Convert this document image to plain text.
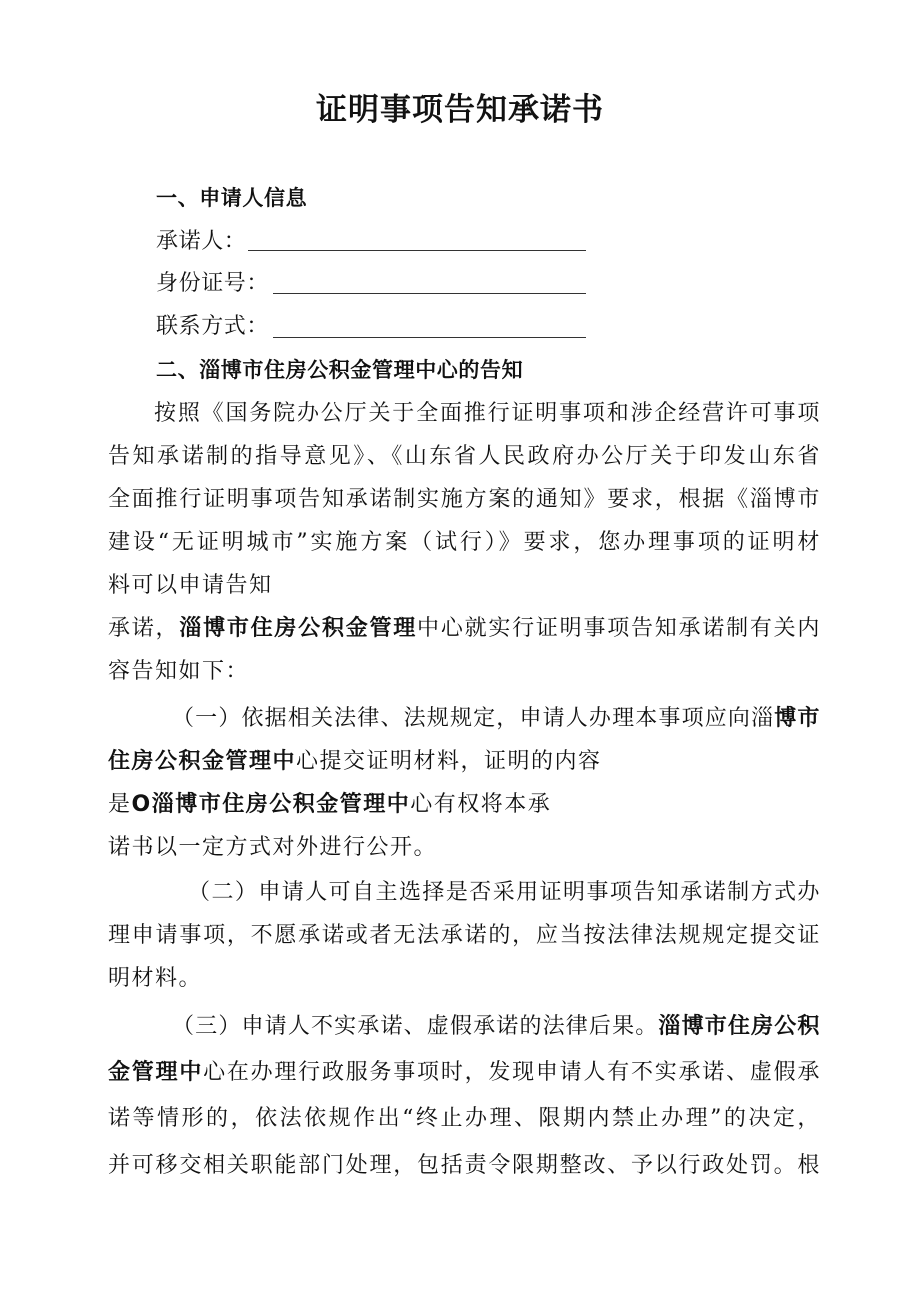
证明事项告知承诺书
一、申请人信息
承诺人：
身份证号：
联系方式：
二、淄博市住房公积金管理中心的告知
按照《国务院办公厅关于全面推行证明事项和涉企经营许可事项
告知承诺制的指导意见》、《山东省人民政府办公厅关于印发山东省
全面推行证明事项告知承诺制实施方案的通知》要求，根据《淄博市
建设“无证明城市”实施方案（试行）》要求，您办理事项的证明材
料可以申请告知
承诺，淄博市住房公积金管理中心就实行证明事项告知承诺制有关内
容告知如下：
（一）依据相关法律、法规规定，申请人办理本事项应向淄博市
住房公积金管理中心提交证明材料，证明的内容
是O淄博市住房公积金管理中心有权将本承
诺书以一定方式对外进行公开。
（二）申请人可自主选择是否采用证明事项告知承诺制方式办
理申请事项，不愿承诺或者无法承诺的，应当按法律法规规定提交证
明材料。
（三）申请人不实承诺、虚假承诺的法律后果。淄博市住房公积
金管理中心在办理行政服务事项时，发现申请人有不实承诺、虚假承
诺等情形的，依法依规作出“终止办理、限期内禁止办理”的决定，
并可移交相关职能部门处理，包括责令限期整改、予以行政处罚。根
